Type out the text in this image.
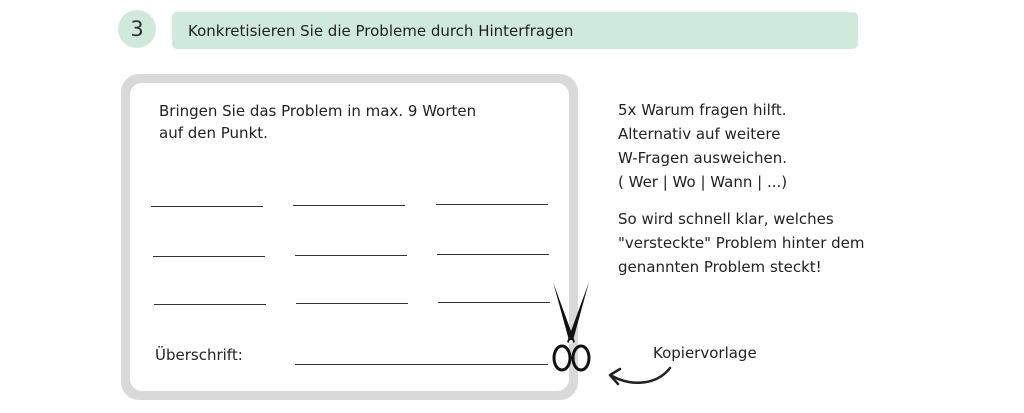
3	Konkretisieren Sie die Probleme durch Hinterfragen

Bringen Sie das Problem in max. 9 Worten
auf den Punkt.

Überschrift:

5x Warum fragen hilft.
Alternativ auf weitere
W-Fragen ausweichen.
( Wer | Wo | Wann | ...)

So wird schnell klar, welches
"versteckte" Problem hinter dem
genannten Problem steckt!

Kopiervorlage
